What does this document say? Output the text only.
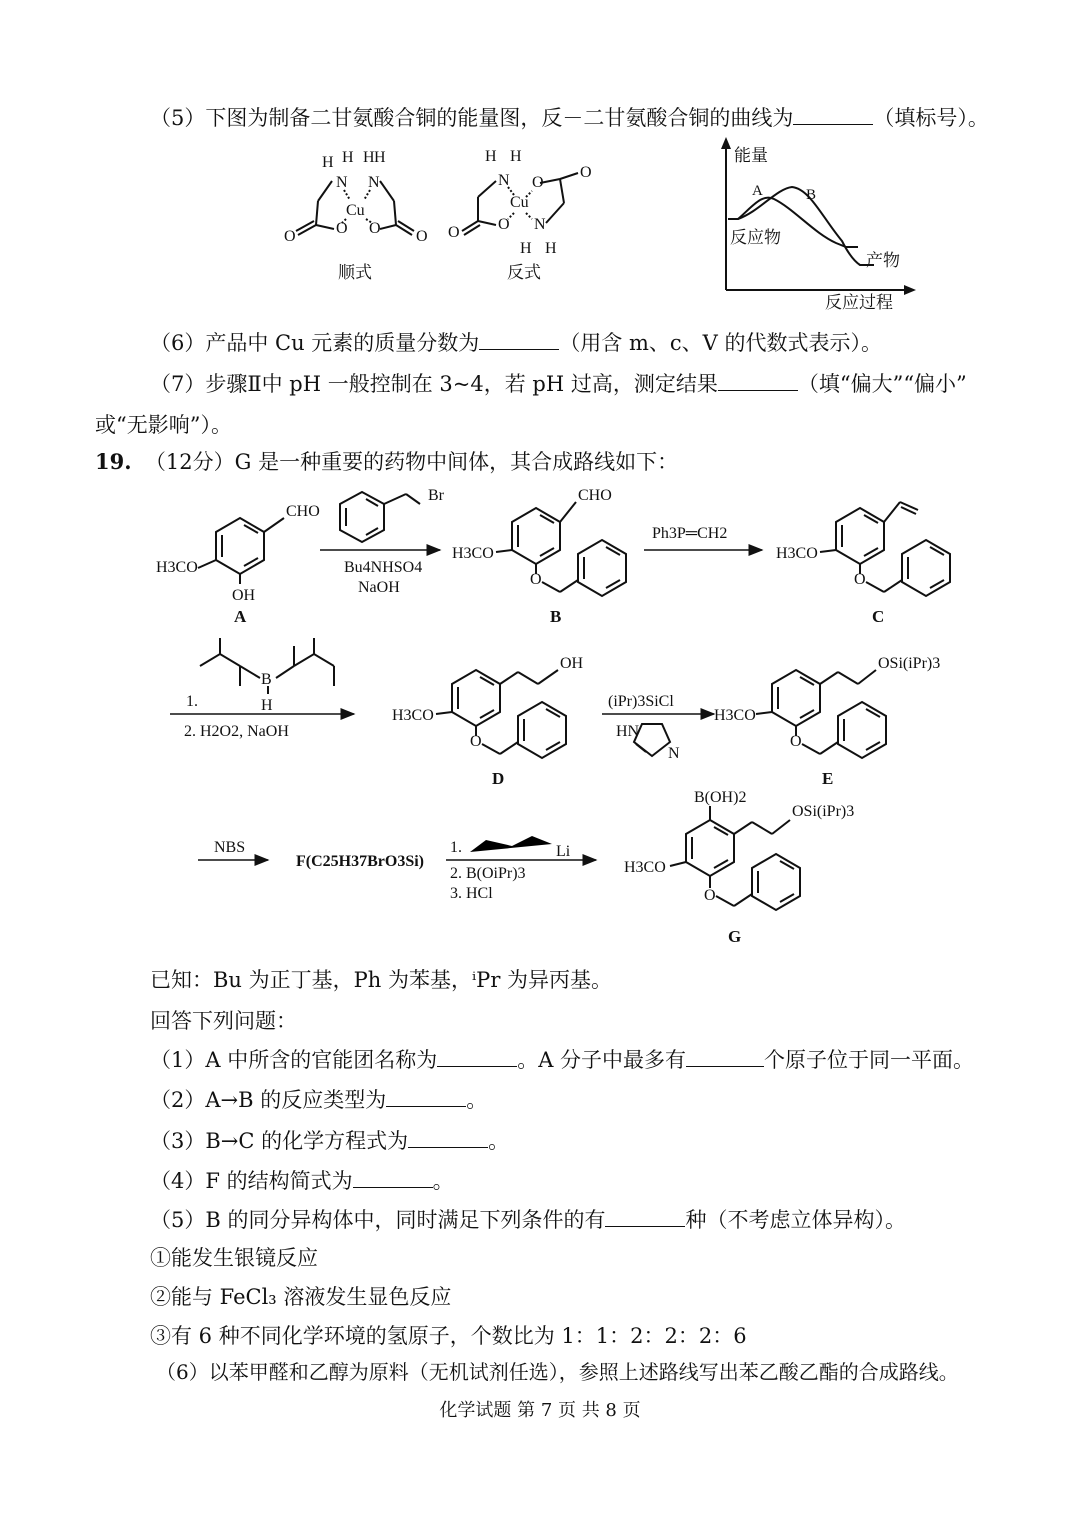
（5）下图为制备二甘氨酸合铜的能量图，反－二甘氨酸合铜的曲线为	（填标号）。
H H H H
N N
Cu
O O
O	O
顺式
H H
N
Cu
O
O
O
O	N
H H
反式
能量
反应过程
反应物
产物
A	B
（6）产品中 Cu 元素的质量分数为	（用含 m、c、V 的代数式表示）。
（7）步骤Ⅱ中 pH 一般控制在 3~4，若 pH 过高，测定结果	（填“偏大”“偏小”
或“无影响”）。
19. （12分）G 是一种重要的药物中间体，其合成路线如下：
CHO
H3CO
OH
A
Br
Bu4NHSO4
NaOH
CHO
H3CO
O
B
Ph3P═CH2
H3CO
O
C
B
H
1.
2. H2O2, NaOH
OH
H3CO
O
D
(iPr)3SiCl
HN
N
OSi(iPr)3
H3CO
O
E
NBS
F(C25H37BrO3Si)
1.	Li
2. B(OiPr)3
3. HCl
B(OH)2
OSi(iPr)3
H3CO
O
G
已知：Bu 为正丁基，Ph 为苯基，ⁱPr 为异丙基。
回答下列问题：
（1）A 中所含的官能团名称为	。A 分子中最多有	个原子位于同一平面。
（2）A→B 的反应类型为	。
（3）B→C 的化学方程式为	。
（4）F 的结构简式为	。
（5）B 的同分异构体中，同时满足下列条件的有	种（不考虑立体异构）。
①能发生银镜反应
②能与 FeCl₃ 溶液发生显色反应
③有 6 种不同化学环境的氢原子，个数比为 1：1：2：2：2：6
（6）以苯甲醛和乙醇为原料（无机试剂任选），参照上述路线写出苯乙酸乙酯的合成路线。
化学试题 第 7 页 共 8 页
